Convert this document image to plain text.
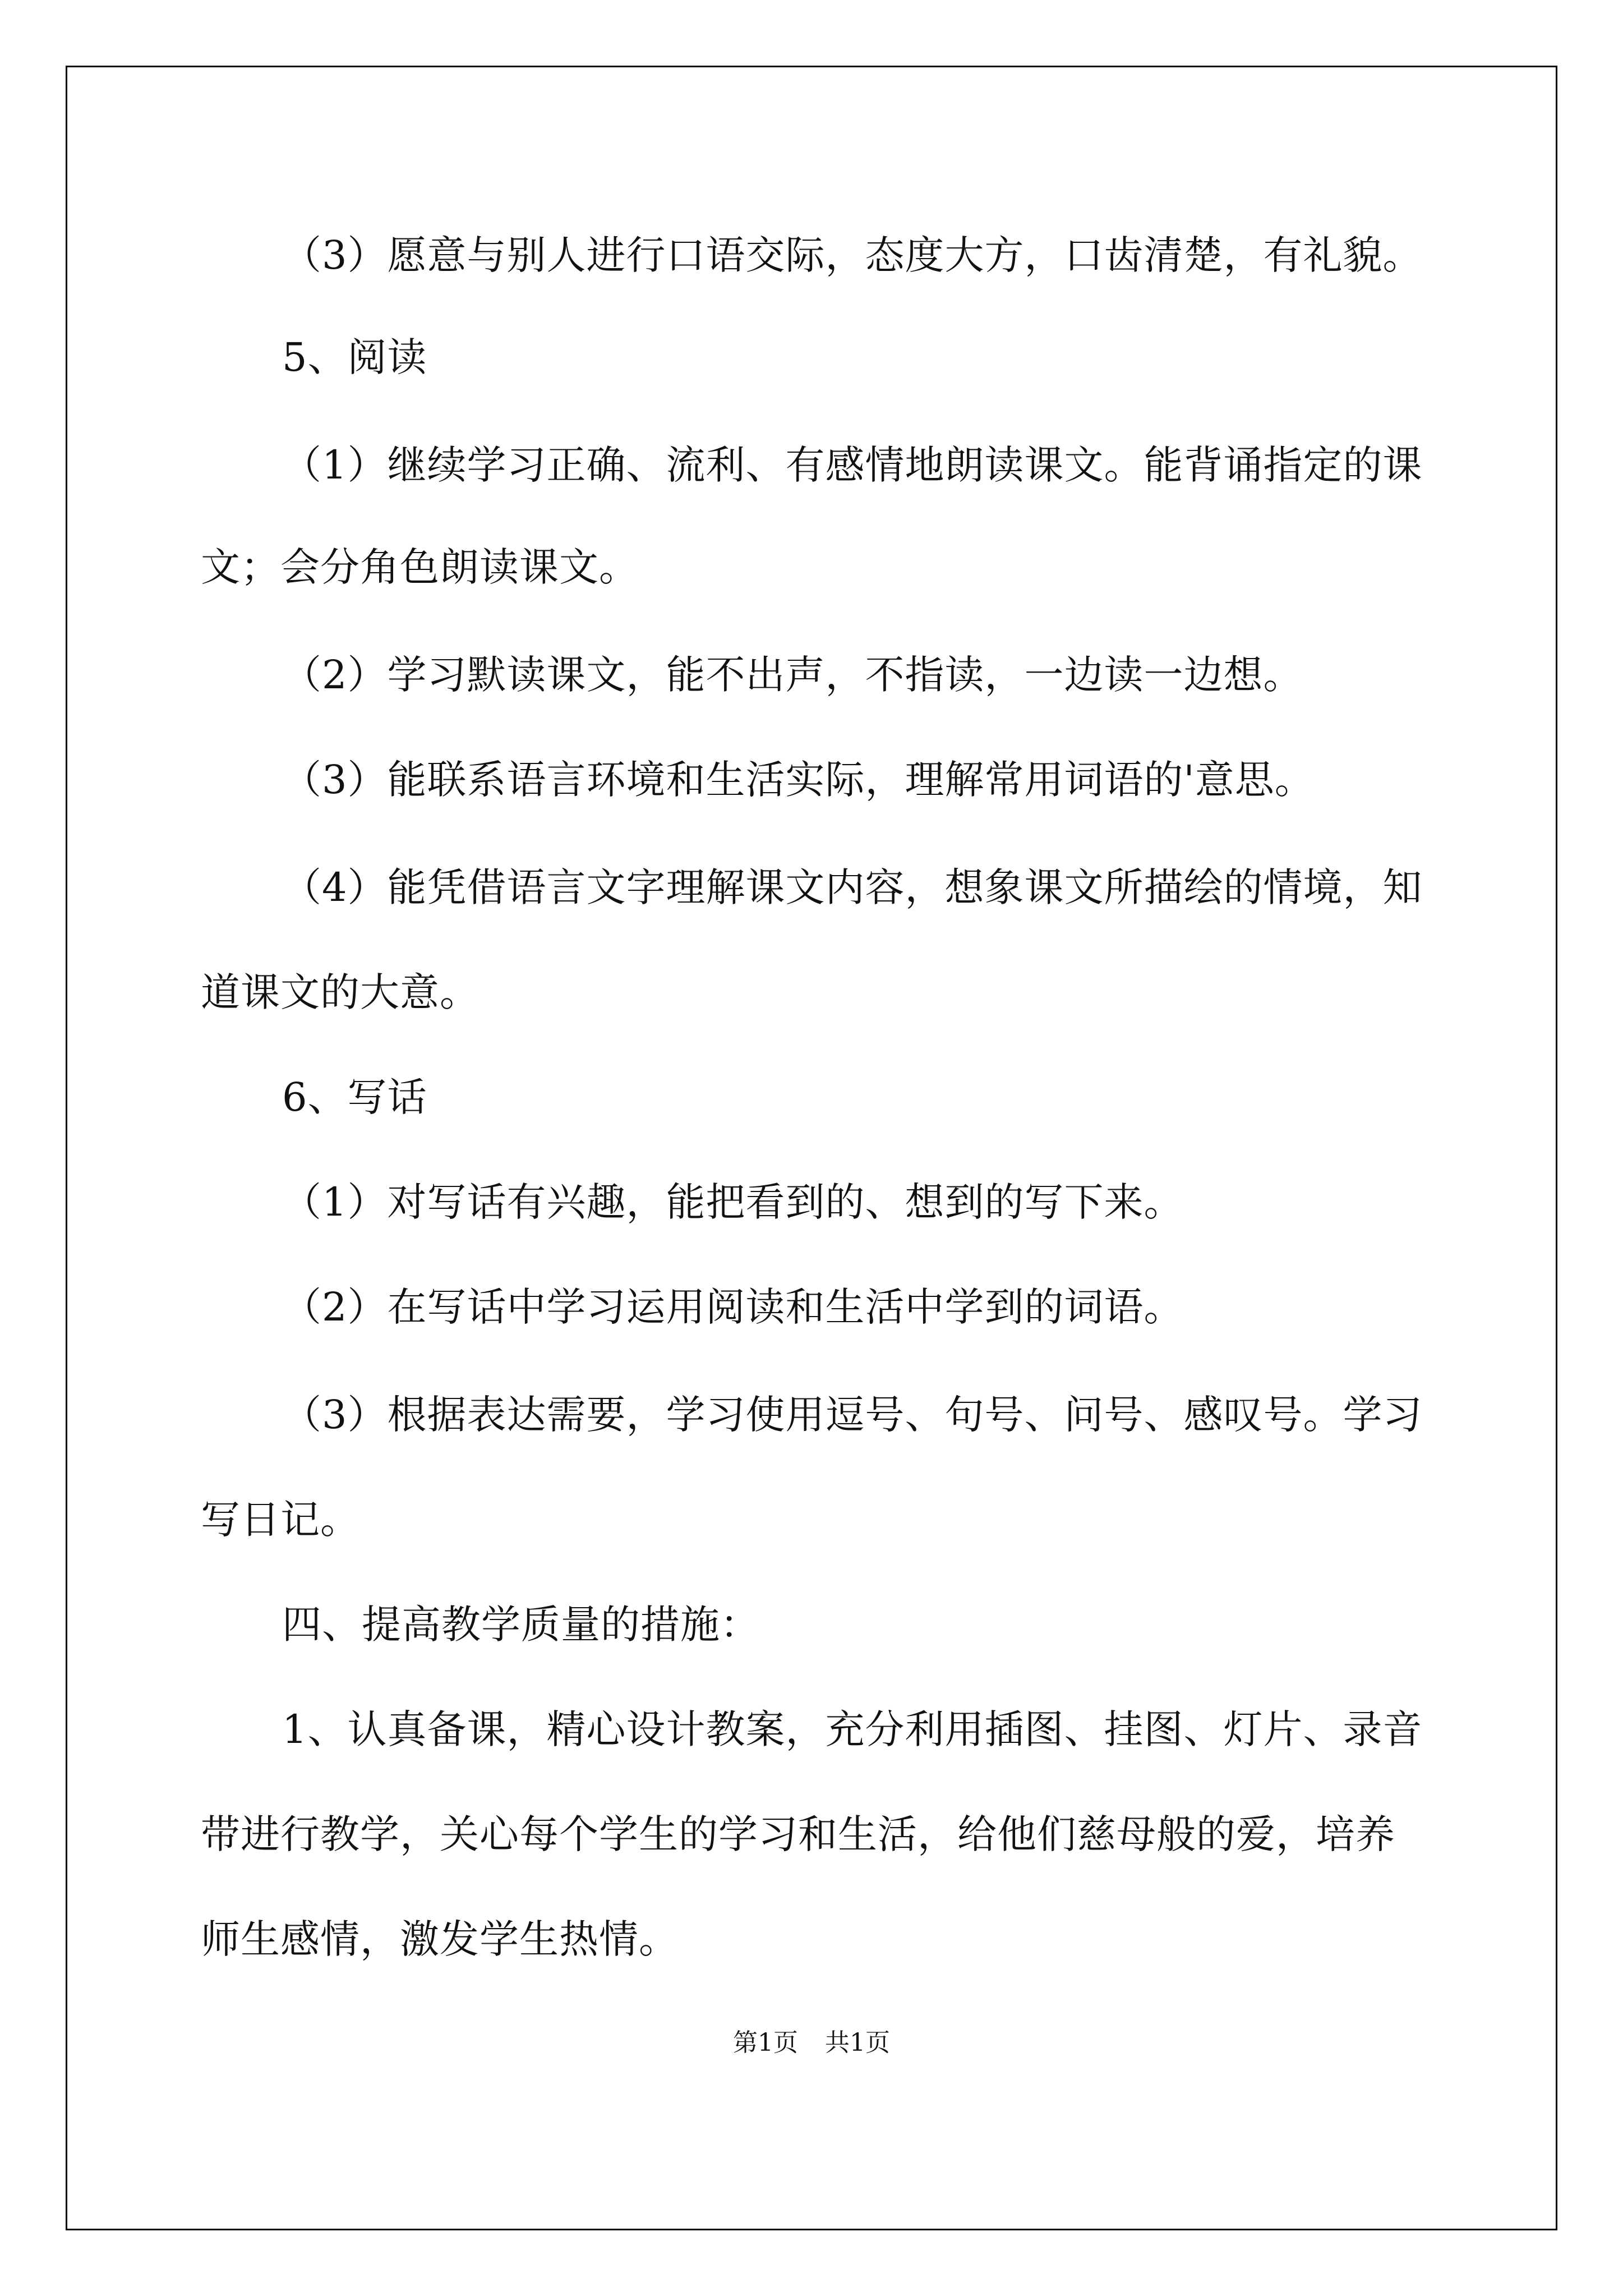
（3）愿意与别人进行口语交际，态度大方，口齿清楚，有礼貌。
5、阅读
（1）继续学习正确、流利、有感情地朗读课文。能背诵指定的课
文；会分角色朗读课文。
（2）学习默读课文，能不出声，不指读，一边读一边想。
（3）能联系语言环境和生活实际，理解常用词语的'意思。
（4）能凭借语言文字理解课文内容，想象课文所描绘的情境，知
道课文的大意。
6、写话
（1）对写话有兴趣，能把看到的、想到的写下来。
（2）在写话中学习运用阅读和生活中学到的词语。
（3）根据表达需要，学习使用逗号、句号、问号、感叹号。学习
写日记。
四、提高教学质量的措施：
1、认真备课，精心设计教案，充分利用插图、挂图、灯片、录音
带进行教学，关心每个学生的学习和生活，给他们慈母般的爱，培养
师生感情，激发学生热情。
第1页 共1页
